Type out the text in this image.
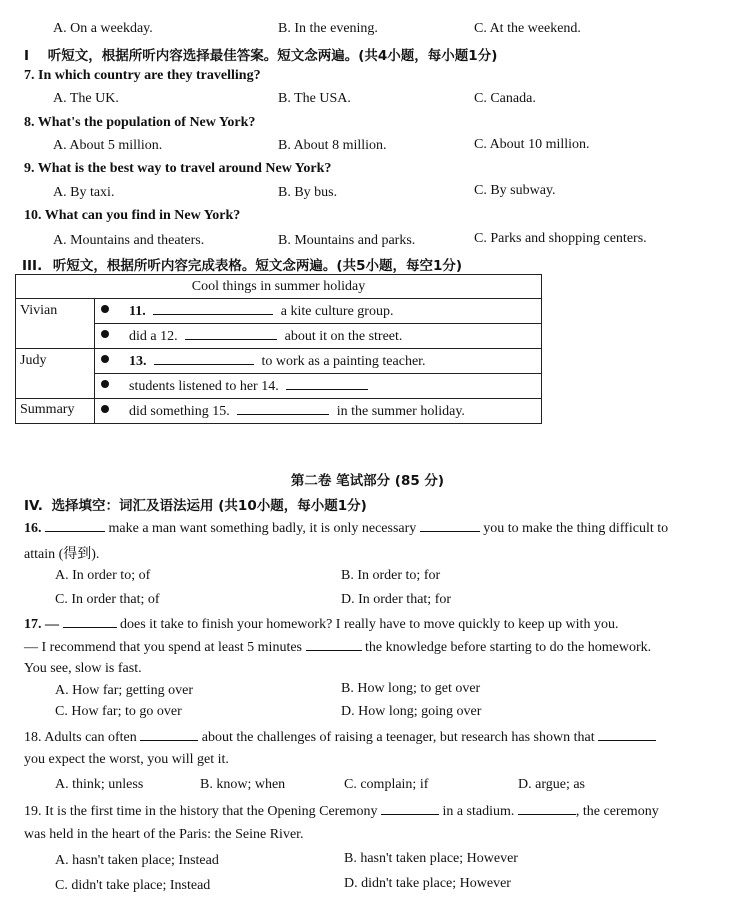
A. On a weekday.	B. In the evening.	C. At the weekend.
I 听短文，根据所听内容选择最佳答案。短文念两遍。(共4小题，每小题1分)
7. In which country are they travelling?
A. The UK.	B. The USA.	C. Canada.
8. What's the population of New York?
A. About 5 million.	B. About 8 million.	C. About 10 million.
9. What is the best way to travel around New York?
A. By taxi.	B. By bus.	C. By subway.
10. What can you find in New York?
A. Mountains and theaters.	B. Mountains and parks.	C. Parks and shopping centers.
III. 听短文，根据所听内容完成表格。短文念两遍。(共5小题，每空1分)
Cool things in summer holiday	
Vivian	11. a kite culture group.

	did a 12. about it on the street.

Judy	13. to work as a painting teacher.

	students listened to her 14.

Summary	did something 15. in the summer holiday.
第二卷 笔试部分 (85 分)
IV. 选择填空：词汇及语法运用 (共10小题，每小题1分)
16.	make a man want something badly, it is only necessary	you to make the thing difficult to
attain (得到).
A. In order to; of	B. In order to; for
C. In order that; of	D. In order that; for
17. —	does it take to finish your homework? I really have to move quickly to keep up with you.
— I recommend that you spend at least 5 minutes	the knowledge before starting to do the homework.
You see, slow is fast.
A. How far; getting over	B. How long; to get over
C. How far; to go over	D. How long; going over
18. Adults can often	about the challenges of raising a teenager, but research has shown that
you expect the worst, you will get it.
A. think; unless	B. know; when	C. complain; if	D. argue; as
19. It is the first time in the history that the Opening Ceremony	in a stadium.	, the ceremony
was held in the heart of the Paris: the Seine River.
A. hasn't taken place; Instead	B. hasn't taken place; However
C. didn't take place; Instead	D. didn't take place; However
